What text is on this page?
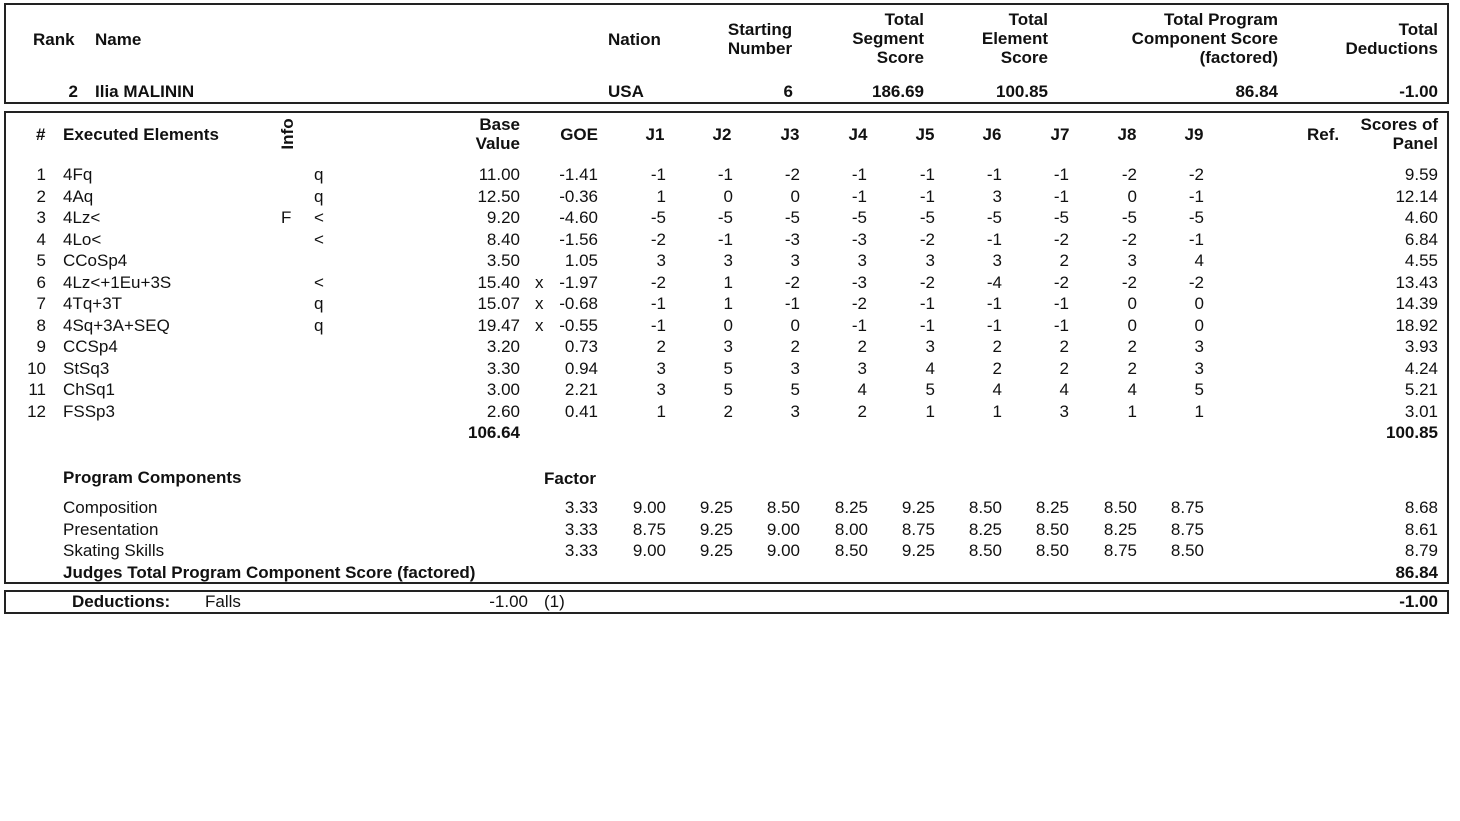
Rank Name	Nation
Starting
Number
Total
Segment
Score
Total
Element
Score
Total Program
Component Score
(factored)
Total
Deductions
2 Ilia MALININ	USA	6	186.69	100.85	86.84	-1.00
# Executed Elements	Info	Base
Value	GOE	J1	J2	J3	J4	J5	J6	J7	J8	J9	Ref.
Scores of
Panel
1 4Fq	q	11.00	-1.41	-1	-1	-2	-1	-1	-1	-1	-2	-2	9.59
2 4Aq	q	12.50	-0.36	1	0	0	-1	-1	3	-1	0	-1	12.14
3 4Lz<	F <	9.20	-4.60	-5	-5	-5	-5	-5	-5	-5	-5	-5	4.60
4 4Lo<	<	8.40	-1.56	-2	-1	-3	-3	-2	-1	-2	-2	-1	6.84
5 CCoSp4	3.50	1.05	3	3	3	3	3	3	2	3	4	4.55
6 4Lz<+1Eu+3S	<	15.40 x -1.97	-2	1	-2	-3	-2	-4	-2	-2	-2	13.43
7 4Tq+3T	q	15.07 x -0.68	-1	1	-1	-2	-1	-1	-1	0	0	14.39
8 4Sq+3A+SEQ	q	19.47 x -0.55	-1	0	0	-1	-1	-1	-1	0	0	18.92
9 CCSp4	3.20	0.73	2	3	2	2	3	2	2	2	3	3.93
10 StSq3	3.30	0.94	3	5	3	3	4	2	2	2	3	4.24
11 ChSq1	3.00	2.21	3	5	5	4	5	4	4	4	5	5.21
12 FSSp3	2.60	0.41	1	2	3	2	1	1	3	1	1	3.01
106.64	100.85
Program Components	Factor
Composition	3.33	9.00	9.25	8.50	8.25	9.25	8.50	8.25	8.50	8.75	8.68
Presentation	3.33	8.75	9.25	9.00	8.00	8.75	8.25	8.50	8.25	8.75	8.61
Skating Skills	3.33	9.00	9.25	9.00	8.50	9.25	8.50	8.50	8.75	8.50	8.79
Judges Total Program Component Score (factored)	86.84
Deductions: Falls	-1.00 (1)	-1.00
